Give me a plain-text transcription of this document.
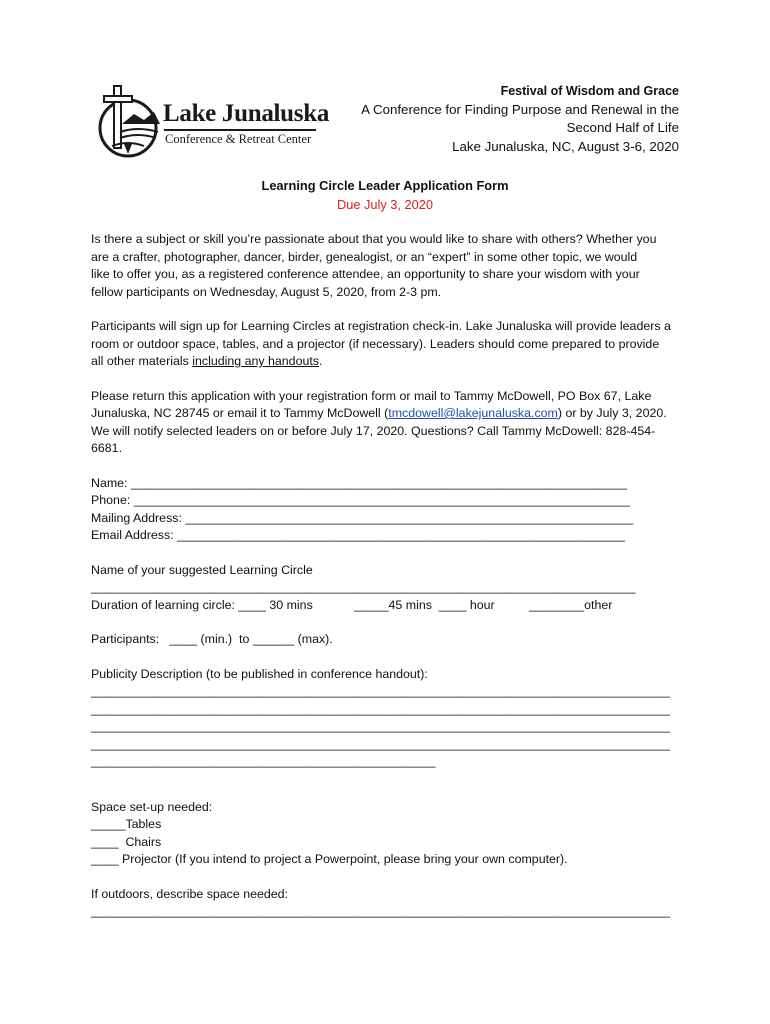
Lake Junaluska
Conference & Retreat Center
Festival of Wisdom and Grace
A Conference for Finding Purpose and Renewal in the
Second Half of Life
Lake Junaluska, NC, August 3-6, 2020
Learning Circle Leader Application Form
Due July 3, 2020

Is there a subject or skill you’re passionate about that you would like to share with others? Whether you
are a crafter, photographer, dancer, birder, genealogist, or an “expert” in some other topic, we would
like to offer you, as a registered conference attendee, an opportunity to share your wisdom with your
fellow participants on Wednesday, August 5, 2020, from 2-3 pm.

Participants will sign up for Learning Circles at registration check-in. Lake Junaluska will provide leaders a
room or outdoor space, tables, and a projector (if necessary). Leaders should come prepared to provide
all other materials including any handouts.

Please return this application with your registration form or mail to Tammy McDowell, PO Box 67, Lake
Junaluska, NC 28745 or email it to Tammy McDowell (tmcdowell@lakejunaluska.com) or by July 3, 2020.
We will notify selected leaders on or before July 17, 2020. Questions? Call Tammy McDowell: 828-454-
6681.

Name: ________________________________________________________________________
Phone: ________________________________________________________________________
Mailing Address: _________________________________________________________________
Email Address: _________________________________________________________________
Name of your suggested Learning Circle
_______________________________________________________________________________
Duration of learning circle: ____ 30 mins            _____45 mins  ____ hour          ________other
Participants:   ____ (min.)  to ______ (max).
Publicity Description (to be published in conference handout):
____________________________________________________________________________________
____________________________________________________________________________________
____________________________________________________________________________________
____________________________________________________________________________________
__________________________________________________
Space set-up needed:
_____Tables
____  Chairs
____ Projector (If you intend to project a Powerpoint, please bring your own computer).
If outdoors, describe space needed:
____________________________________________________________________________________
